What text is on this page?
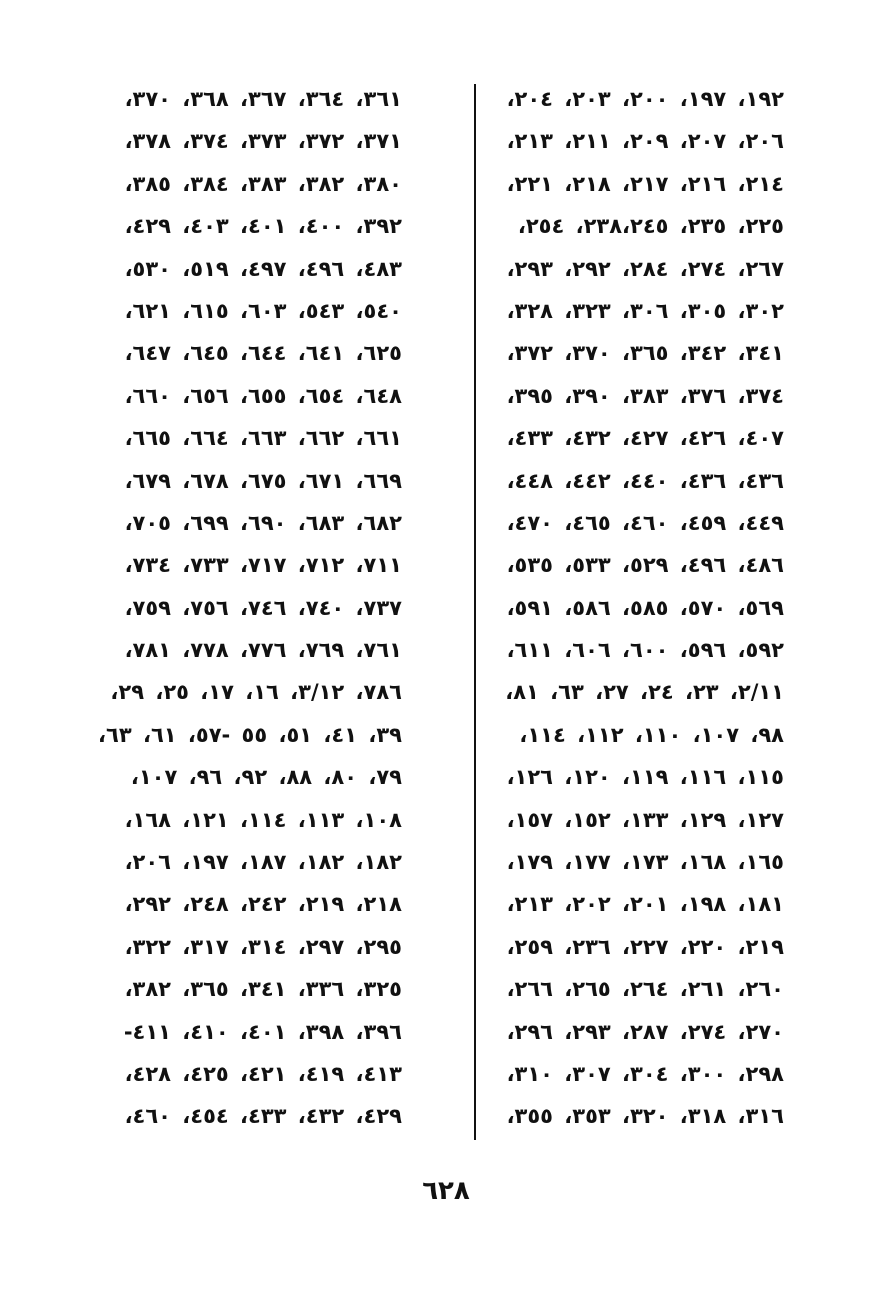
١٩٢، ١٩٧، ٢٠٠، ٢٠٣، ٢٠٤،
٢٠٦، ٢٠٧، ٢٠٩، ٢١١، ٢١٣،
٢١٤، ٢١٦، ٢١٧، ٢١٨، ٢٢١،
٢٢٥، ٢٣٥، ٢٣٨،٢٤٥، ٢٥٤،
٢٦٧، ٢٧٤، ٢٨٤، ٢٩٢، ٢٩٣،
٣٠٢، ٣٠٥، ٣٠٦، ٣٢٣، ٣٢٨،
٣٤١، ٣٤٢، ٣٦٥، ٣٧٠، ٣٧٢،
٣٧٤، ٣٧٦، ٣٨٣، ٣٩٠، ٣٩٥،
٤٠٧، ٤٢٦، ٤٢٧، ٤٣٢، ٤٣٣،
٤٣٦، ٤٣٦، ٤٤٠، ٤٤٢، ٤٤٨،
٤٤٩، ٤٥٩، ٤٦٠، ٤٦٥، ٤٧٠،
٤٨٦، ٤٩٦، ٥٢٩، ٥٣٣، ٥٣٥،
٥٦٩، ٥٧٠، ٥٨٥، ٥٨٦، ٥٩١،
٥٩٢، ٥٩٦، ٦٠٠، ٦٠٦، ٦١١،
٢/١١، ٢٣، ٢٤، ٢٧، ٦٣، ٨١،
٩٨، ١٠٧، ١١٠، ١١٢، ١١٤،
١١٥، ١١٦، ١١٩، ١٢٠، ١٢٦،
١٢٧، ١٢٩، ١٣٣، ١٥٢، ١٥٧،
١٦٥، ١٦٨، ١٧٣، ١٧٧، ١٧٩،
١٨١، ١٩٨، ٢٠١، ٢٠٢، ٢١٣،
٢١٩، ٢٢٠، ٢٢٧، ٢٣٦، ٢٥٩،
٢٦٠، ٢٦١، ٢٦٤، ٢٦٥، ٢٦٦،
٢٧٠، ٢٧٤، ٢٨٧، ٢٩٣، ٢٩٦،
٢٩٨، ٣٠٠، ٣٠٤، ٣٠٧، ٣١٠،
٣١٦، ٣١٨، ٣٢٠، ٣٥٣، ٣٥٥،
٣٦١، ٣٦٤، ٣٦٧، ٣٦٨، ٣٧٠،
٣٧١، ٣٧٢، ٣٧٣، ٣٧٤، ٣٧٨،
٣٨٠، ٣٨٢، ٣٨٣، ٣٨٤، ٣٨٥،
٣٩٢، ٤٠٠، ٤٠١، ٤٠٣، ٤٢٩،
٤٨٣، ٤٩٦، ٤٩٧، ٥١٩، ٥٣٠،
٥٤٠، ٥٤٣، ٦٠٣، ٦١٥، ٦٢١،
٦٢٥، ٦٤١، ٦٤٤، ٦٤٥، ٦٤٧،
٦٤٨، ٦٥٤، ٦٥٥، ٦٥٦، ٦٦٠،
٦٦١، ٦٦٢، ٦٦٣، ٦٦٤، ٦٦٥،
٦٦٩، ٦٧١، ٦٧٥، ٦٧٨، ٦٧٩،
٦٨٢، ٦٨٣، ٦٩٠، ٦٩٩، ٧٠٥،
٧١١، ٧١٢، ٧١٧، ٧٣٣، ٧٣٤،
٧٣٧، ٧٤٠، ٧٤٦، ٧٥٦، ٧٥٩،
٧٦١، ٧٦٩، ٧٧٦، ٧٧٨، ٧٨١،
٧٨٦، ٣/١٢، ١٦، ١٧، ٢٥، ٢٩،
٣٩، ٤١، ٥١، ٥٥ -٥٧، ٦١، ٦٣،
٧٩، ٨٠، ٨٨، ٩٢، ٩٦، ١٠٧،
١٠٨، ١١٣، ١١٤، ١٢١، ١٦٨،
١٨٢، ١٨٢، ١٨٧، ١٩٧، ٢٠٦،
٢١٨، ٢١٩، ٢٤٢، ٢٤٨، ٢٩٢،
٢٩٥، ٢٩٧، ٣١٤، ٣١٧، ٣٢٢،
٣٢٥، ٣٣٦، ٣٤١، ٣٦٥، ٣٨٢،
٣٩٦، ٣٩٨، ٤٠١، ٤١٠، ٤١١-
٤١٣، ٤١٩، ٤٢١، ٤٢٥، ٤٢٨،
٤٢٩، ٤٣٢، ٤٣٣، ٤٥٤، ٤٦٠،
٦٢٨
